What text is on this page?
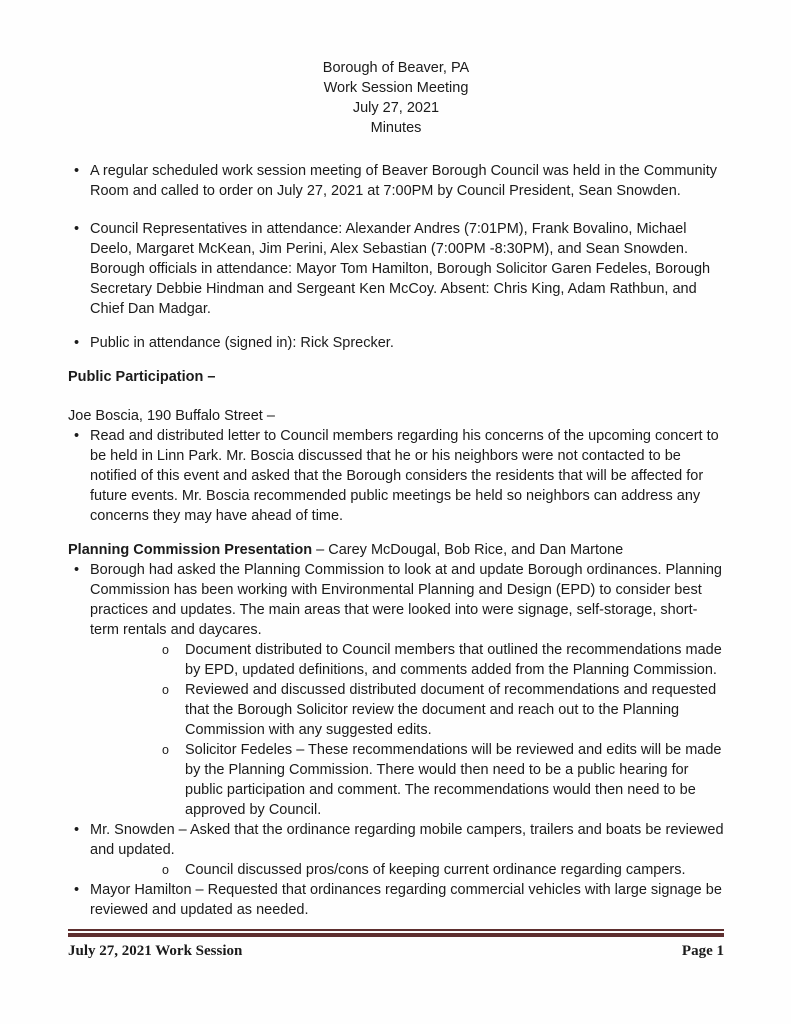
Borough of Beaver, PA
Work Session Meeting
July 27, 2021
Minutes
• A regular scheduled work session meeting of Beaver Borough Council was held in the Community Room and called to order on July 27, 2021 at 7:00PM by Council President, Sean Snowden.
• Council Representatives in attendance: Alexander Andres (7:01PM), Frank Bovalino, Michael Deelo, Margaret McKean, Jim Perini, Alex Sebastian (7:00PM -8:30PM), and Sean Snowden. Borough officials in attendance: Mayor Tom Hamilton, Borough Solicitor Garen Fedeles, Borough Secretary Debbie Hindman and Sergeant Ken McCoy. Absent: Chris King, Adam Rathbun, and Chief Dan Madgar.
• Public in attendance (signed in): Rick Sprecker.
Public Participation –
Joe Boscia, 190 Buffalo Street –
• Read and distributed letter to Council members regarding his concerns of the upcoming concert to be held in Linn Park. Mr. Boscia discussed that he or his neighbors were not contacted to be notified of this event and asked that the Borough considers the residents that will be affected for future events. Mr. Boscia recommended public meetings be held so neighbors can address any concerns they may have ahead of time.
Planning Commission Presentation – Carey McDougal, Bob Rice, and Dan Martone
• Borough had asked the Planning Commission to look at and update Borough ordinances. Planning Commission has been working with Environmental Planning and Design (EPD) to consider best practices and updates. The main areas that were looked into were signage, self-storage, short-term rentals and daycares.
o Document distributed to Council members that outlined the recommendations made by EPD, updated definitions, and comments added from the Planning Commission.
o Reviewed and discussed distributed document of recommendations and requested that the Borough Solicitor review the document and reach out to the Planning Commission with any suggested edits.
o Solicitor Fedeles – These recommendations will be reviewed and edits will be made by the Planning Commission. There would then need to be a public hearing for public participation and comment. The recommendations would then need to be approved by Council.
• Mr. Snowden – Asked that the ordinance regarding mobile campers, trailers and boats be reviewed and updated.
o Council discussed pros/cons of keeping current ordinance regarding campers.
• Mayor Hamilton – Requested that ordinances regarding commercial vehicles with large signage be reviewed and updated as needed.
July 27, 2021 Work Session	Page 1
